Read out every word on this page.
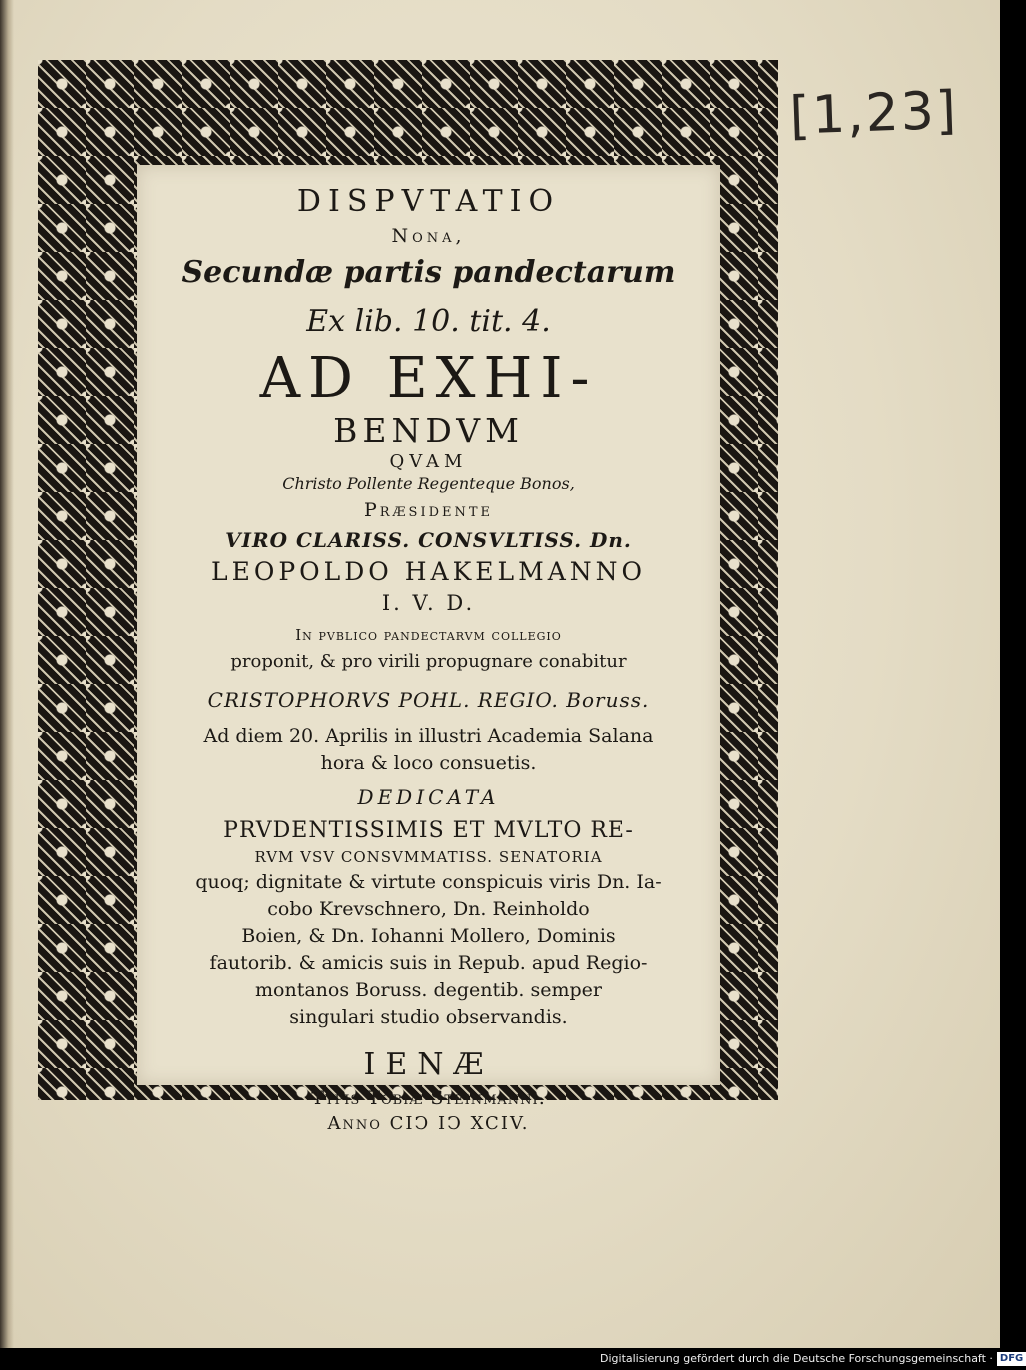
[1,23]

DISPVTATIO

Nona,

Secundæ partis pandectarum

Ex lib. 10. tit. 4.

AD EXHI-

BENDVM

QVAM

Christo Pollente Regenteque Bonos,

Præsidente

VIRO CLARISS. CONSVLTISS. Dn.

LEOPOLDO HAKELMANNO

I. V. D.

In pvblico pandectarvm collegio

proponit, & pro virili propugnare conabitur

CRISTOPHORVS POHL. REGIO. Boruss.

Ad diem 20. Aprilis in illustri Academia Salana

hora & loco consuetis.

DEDICATA

PRVDENTISSIMIS ET MVLTO RE-

RVM VSV CONSVMMATISS. SENATORIA

quoq; dignitate & virtute conspicuis viris Dn. Ia-

cobo Krevschnero, Dn. Reinholdo

Boien, & Dn. Iohanni Mollero, Dominis

fautorib. & amicis suis in Repub. apud Regio-

montanos Boruss. degentib. semper

singulari studio observandis.

IENÆ

Typis Tobiæ Steinmanni.

Anno CIↃ IↃ XCIV.

Digitalisierung gefördert durch die Deutsche Forschungsgemeinschaft · DFG
